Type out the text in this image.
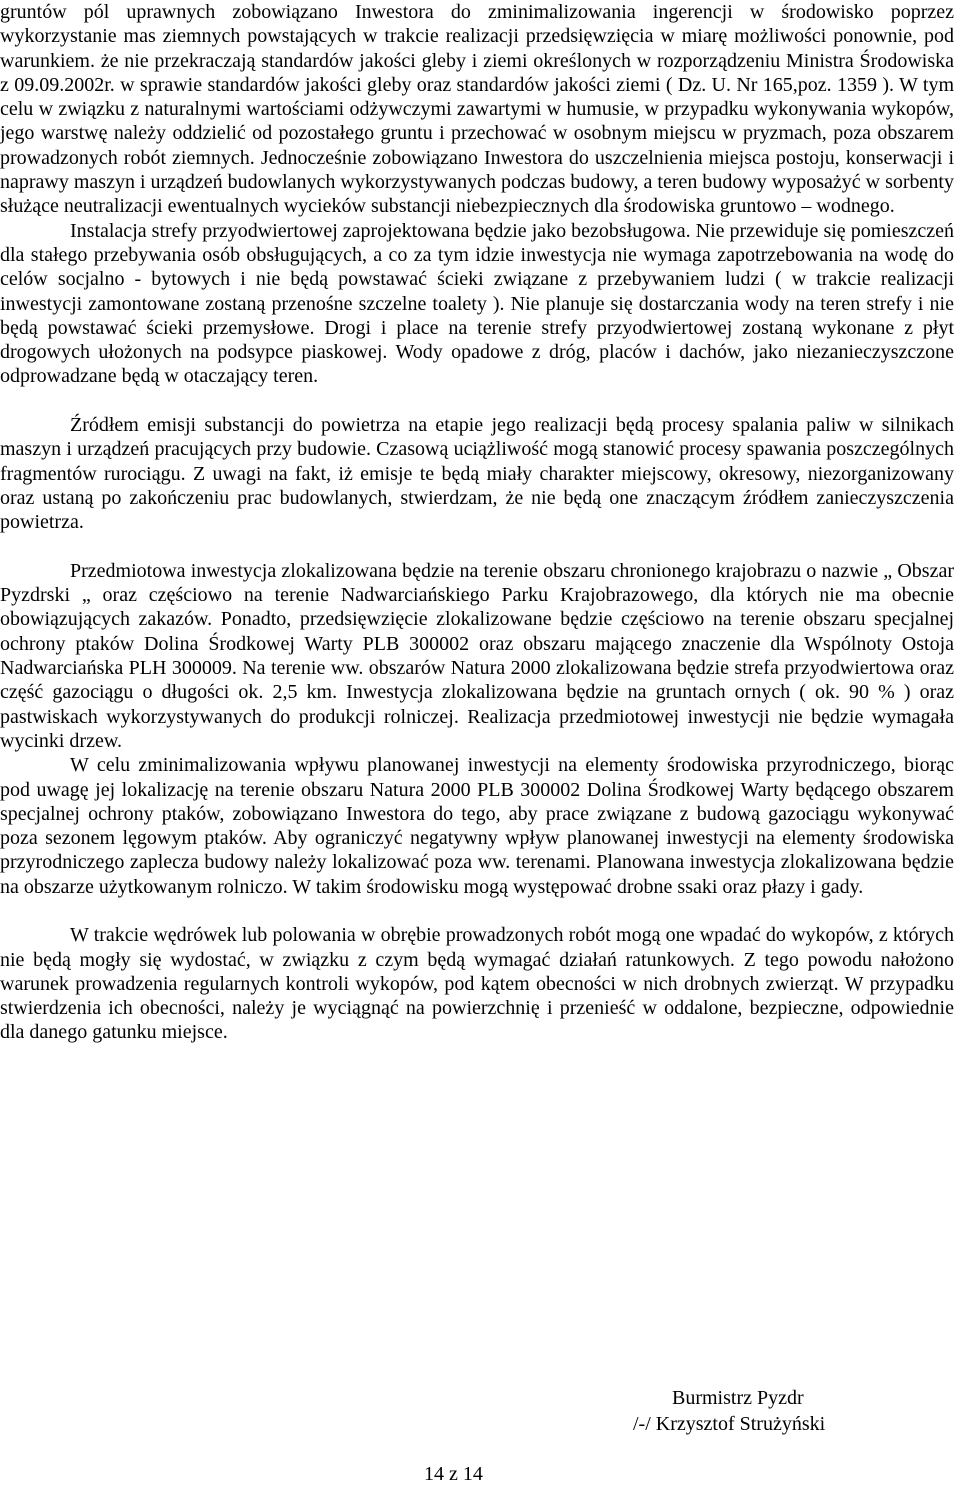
gruntów pól uprawnych zobowiązano Inwestora do zminimalizowania ingerencji w środowisko poprzez wykorzystanie mas ziemnych powstających w trakcie realizacji przedsięwzięcia w miarę możliwości ponownie, pod warunkiem. że nie przekraczają standardów jakości gleby i ziemi określonych w rozporządzeniu Ministra Środowiska z 09.09.2002r. w sprawie standardów jakości gleby oraz standardów jakości ziemi ( Dz. U. Nr 165,poz. 1359 ). W tym celu w związku z naturalnymi wartościami odżywczymi zawartymi w humusie, w przypadku wykonywania wykopów, jego warstwę należy oddzielić od pozostałego gruntu i przechować w osobnym miejscu w pryzmach, poza obszarem prowadzonych robót ziemnych. Jednocześnie zobowiązano Inwestora do uszczelnienia miejsca postoju, konserwacji i naprawy maszyn i urządzeń budowlanych wykorzystywanych podczas budowy, a teren budowy wyposażyć w sorbenty służące neutralizacji ewentualnych wycieków substancji niebezpiecznych dla środowiska gruntowo – wodnego.

Instalacja strefy przyodwiertowej zaprojektowana będzie jako bezobsługowa. Nie przewiduje się pomieszczeń dla stałego przebywania osób obsługujących, a co za tym idzie inwestycja nie wymaga zapotrzebowania na wodę do celów socjalno - bytowych i nie będą powstawać ścieki związane z przebywaniem ludzi ( w trakcie realizacji inwestycji zamontowane zostaną przenośne szczelne toalety ). Nie planuje się dostarczania wody na teren strefy i nie będą powstawać ścieki przemysłowe. Drogi i place na terenie strefy przyodwiertowej zostaną wykonane z płyt drogowych ułożonych na podsypce piaskowej. Wody opadowe z dróg, placów i dachów, jako niezanieczyszczone odprowadzane będą w otaczający teren.

Źródłem emisji substancji do powietrza na etapie jego realizacji będą procesy spalania paliw w silnikach maszyn i urządzeń pracujących przy budowie. Czasową uciążliwość mogą stanowić procesy spawania poszczególnych fragmentów rurociągu. Z uwagi na fakt, iż emisje te będą miały charakter miejscowy, okresowy, niezorganizowany oraz ustaną po zakończeniu prac budowlanych, stwierdzam, że nie będą one znaczącym źródłem zanieczyszczenia powietrza.

Przedmiotowa inwestycja zlokalizowana będzie na terenie obszaru chronionego krajobrazu o nazwie „ Obszar Pyzdrski „ oraz częściowo na terenie Nadwarciańskiego Parku Krajobrazowego, dla których nie ma obecnie obowiązujących zakazów. Ponadto, przedsięwzięcie zlokalizowane będzie częściowo na terenie obszaru specjalnej ochrony ptaków Dolina Środkowej Warty PLB 300002 oraz obszaru mającego znaczenie dla Wspólnoty Ostoja Nadwarciańska PLH 300009. Na terenie ww. obszarów Natura 2000 zlokalizowana będzie strefa przyodwiertowa oraz część gazociągu o długości ok. 2,5 km. Inwestycja zlokalizowana będzie na gruntach ornych ( ok. 90 % ) oraz pastwiskach wykorzystywanych do produkcji rolniczej. Realizacja przedmiotowej inwestycji nie będzie wymagała wycinki drzew.

W celu zminimalizowania wpływu planowanej inwestycji na elementy środowiska przyrodniczego, biorąc pod uwagę jej lokalizację na terenie obszaru Natura 2000 PLB 300002 Dolina Środkowej Warty będącego obszarem specjalnej ochrony ptaków, zobowiązano Inwestora do tego, aby prace związane z budową gazociągu wykonywać poza sezonem lęgowym ptaków. Aby ograniczyć negatywny wpływ planowanej inwestycji na elementy środowiska przyrodniczego zaplecza budowy należy lokalizować poza ww. terenami. Planowana inwestycja zlokalizowana będzie na obszarze użytkowanym rolniczo. W takim środowisku mogą występować drobne ssaki oraz płazy i gady.

W trakcie wędrówek lub polowania w obrębie prowadzonych robót mogą one wpadać do wykopów, z których nie będą mogły się wydostać, w związku z czym będą wymagać działań ratunkowych. Z tego powodu nałożono warunek prowadzenia regularnych kontroli wykopów, pod kątem obecności w nich drobnych zwierząt. W przypadku stwierdzenia ich obecności, należy je wyciągnąć na powierzchnię i przenieść w oddalone, bezpieczne, odpowiednie dla danego gatunku miejsce.

Burmistrz Pyzdr
/-/ Krzysztof Strużyński
14 z 14
